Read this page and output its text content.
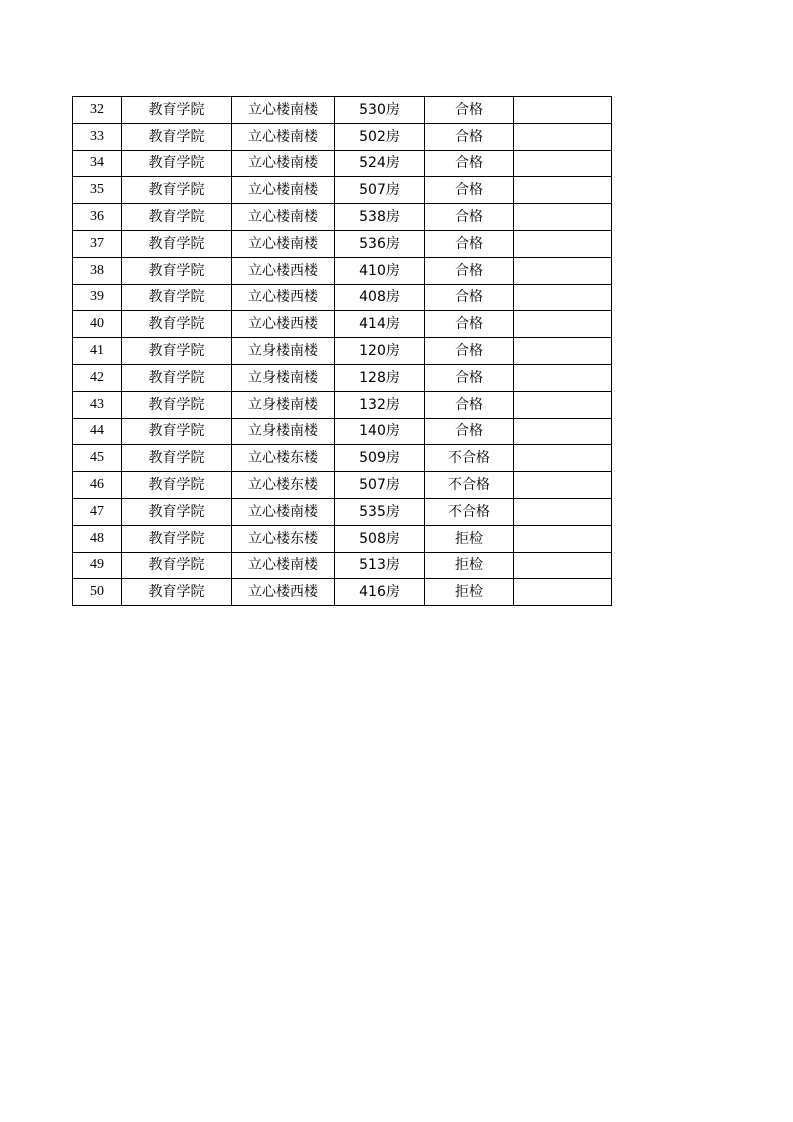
32	教育学院	立心楼南楼	530房	合格	
33	教育学院	立心楼南楼	502房	合格	
34	教育学院	立心楼南楼	524房	合格	
35	教育学院	立心楼南楼	507房	合格	
36	教育学院	立心楼南楼	538房	合格	
37	教育学院	立心楼南楼	536房	合格	
38	教育学院	立心楼西楼	410房	合格	
39	教育学院	立心楼西楼	408房	合格	
40	教育学院	立心楼西楼	414房	合格	
41	教育学院	立身楼南楼	120房	合格	
42	教育学院	立身楼南楼	128房	合格	
43	教育学院	立身楼南楼	132房	合格	
44	教育学院	立身楼南楼	140房	合格	
45	教育学院	立心楼东楼	509房	不合格	
46	教育学院	立心楼东楼	507房	不合格	
47	教育学院	立心楼南楼	535房	不合格	
48	教育学院	立心楼东楼	508房	拒检	
49	教育学院	立心楼南楼	513房	拒检	
50	教育学院	立心楼西楼	416房	拒检	
